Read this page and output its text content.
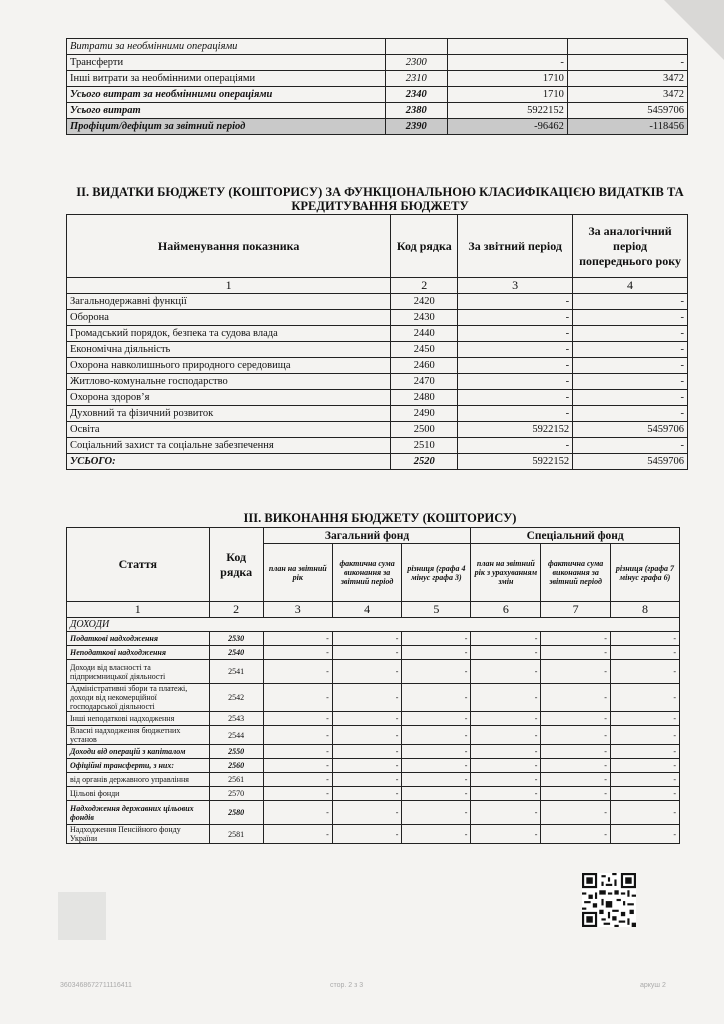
Витрати за необмінними операціями			
Трансферти	2300	-	-
Інші витрати за необмінними операціями	2310	1710	3472
Усього витрат за необмінними операціями	2340	1710	3472
Усього витрат	2380	5922152	5459706
Профіцит/дефіцит за звітний період	2390	-96462	-118456
II. ВИДАТКИ БЮДЖЕТУ (КОШТОРИСУ) ЗА ФУНКЦІОНАЛЬНОЮ КЛАСИФІКАЦІЄЮ ВИДАТКІВ ТА
КРЕДИТУВАННЯ БЮДЖЕТУ
Найменування показника	Код рядка	За звітний період	За аналогічний період попереднього року
1	2	3	4
Загальнодержавні функції	2420	-	-
Оборона	2430	-	-
Громадський порядок, безпека та судова влада	2440	-	-
Економічна діяльність	2450	-	-
Охорона навколишнього природного середовища	2460	-	-
Житлово-комунальне господарство	2470	-	-
Охорона здоров’я	2480	-	-
Духовний та фізичний розвиток	2490	-	-
Освіта	2500	5922152	5459706
Соціальний захист та соціальне забезпечення	2510	-	-
УСЬОГО:	2520	5922152	5459706
III. ВИКОНАННЯ БЮДЖЕТУ (КОШТОРИСУ)
Стаття	Код рядка	Загальний фонд			Спеціальний фонд		
		план на звітний рік	фактична сума виконання за звітний період	різниця (графа 4 мінус графа 3)	план на звітний рік з урахуванням змін	фактична сума виконання за звітний період	різниця (графа 7 мінус графа 6)
1	2	3	4	5	6	7	8
ДОХОДИ							
Податкові надходження	2530	-	-	-	-	-	-
Неподаткові надходження	2540	-	-	-	-	-	-
Доходи від власності та підприємницької діяльності	2541	-	-	-	-	-	-
Адміністративні збори та платежі, доходи від некомерційної господарської діяльності	2542	-	-	-	-	-	-
Інші неподаткові надходження	2543	-	-	-	-	-	-
Власні надходження бюджетних установ	2544	-	-	-	-	-	-
Доходи від операцій з капіталом	2550	-	-	-	-	-	-
Офіційні трансферти, з них:	2560	-	-	-	-	-	-
від органів державного управління	2561	-	-	-	-	-	-
Цільові фонди	2570	-	-	-	-	-	-
Надходження державних цільових фондів	2580	-	-	-	-	-	-
Надходження Пенсійного фонду України	2581	-	-	-	-	-	-
3603468672711116411	стор. 2 з 3	аркуш 2
